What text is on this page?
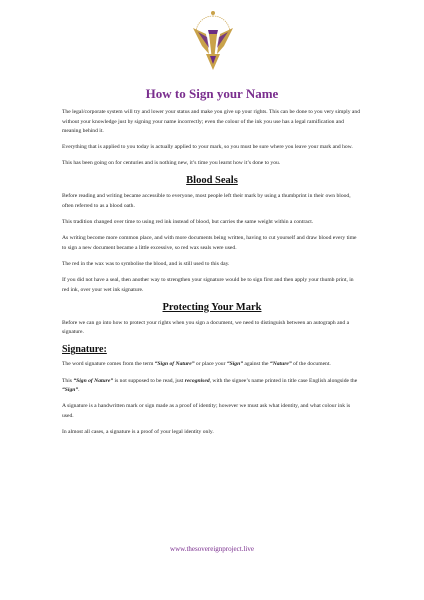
How to Sign your Name

The legal/corporate system will try and lower your status and make you give up your rights. This can be done to you very simply and without your knowledge just by signing your name incorrectly; even the colour of the ink you use has a legal ramification and meaning behind it.

Everything that is applied to you today is actually applied to your mark, so you must be sure where you leave your mark and how.

This has been going on for centuries and is nothing new, it’s time you learnt how it’s done to you.

Blood Seals

Before reading and writing became accessible to everyone, most people left their mark by using a thumbprint in their own blood, often referred to as a blood oath.

This tradition changed over time to using red ink instead of blood, but carries the same weight within a contract.

As writing become more common place, and with more documents being written, having to cut yourself and draw blood every time to sign a new document became a little excessive, so red wax seals were used.

The red in the wax was to symbolise the blood, and is still used to this day.

If you did not have a seal, then another way to strengthen your signature would be to sign first and then apply your thumb print, in red ink, over your wet ink signature.

Protecting Your Mark

Before we can go into how to protect your rights when you sign a document, we need to distinguish between an autograph and a signature.

Signature:

The word signature comes from the term “Sign of Nature” or place your “Sign” against the “Nature” of the document.

This “Sign of Nature” is not supposed to be read, just recognised, with the signee’s name printed in title case English alongside the “Sign”.

A signature is a handwritten mark or sign made as a proof of identity; however we must ask what identity, and what colour ink is used.

In almost all cases, a signature is a proof of your legal identity only.

www.thesovereignproject.live
